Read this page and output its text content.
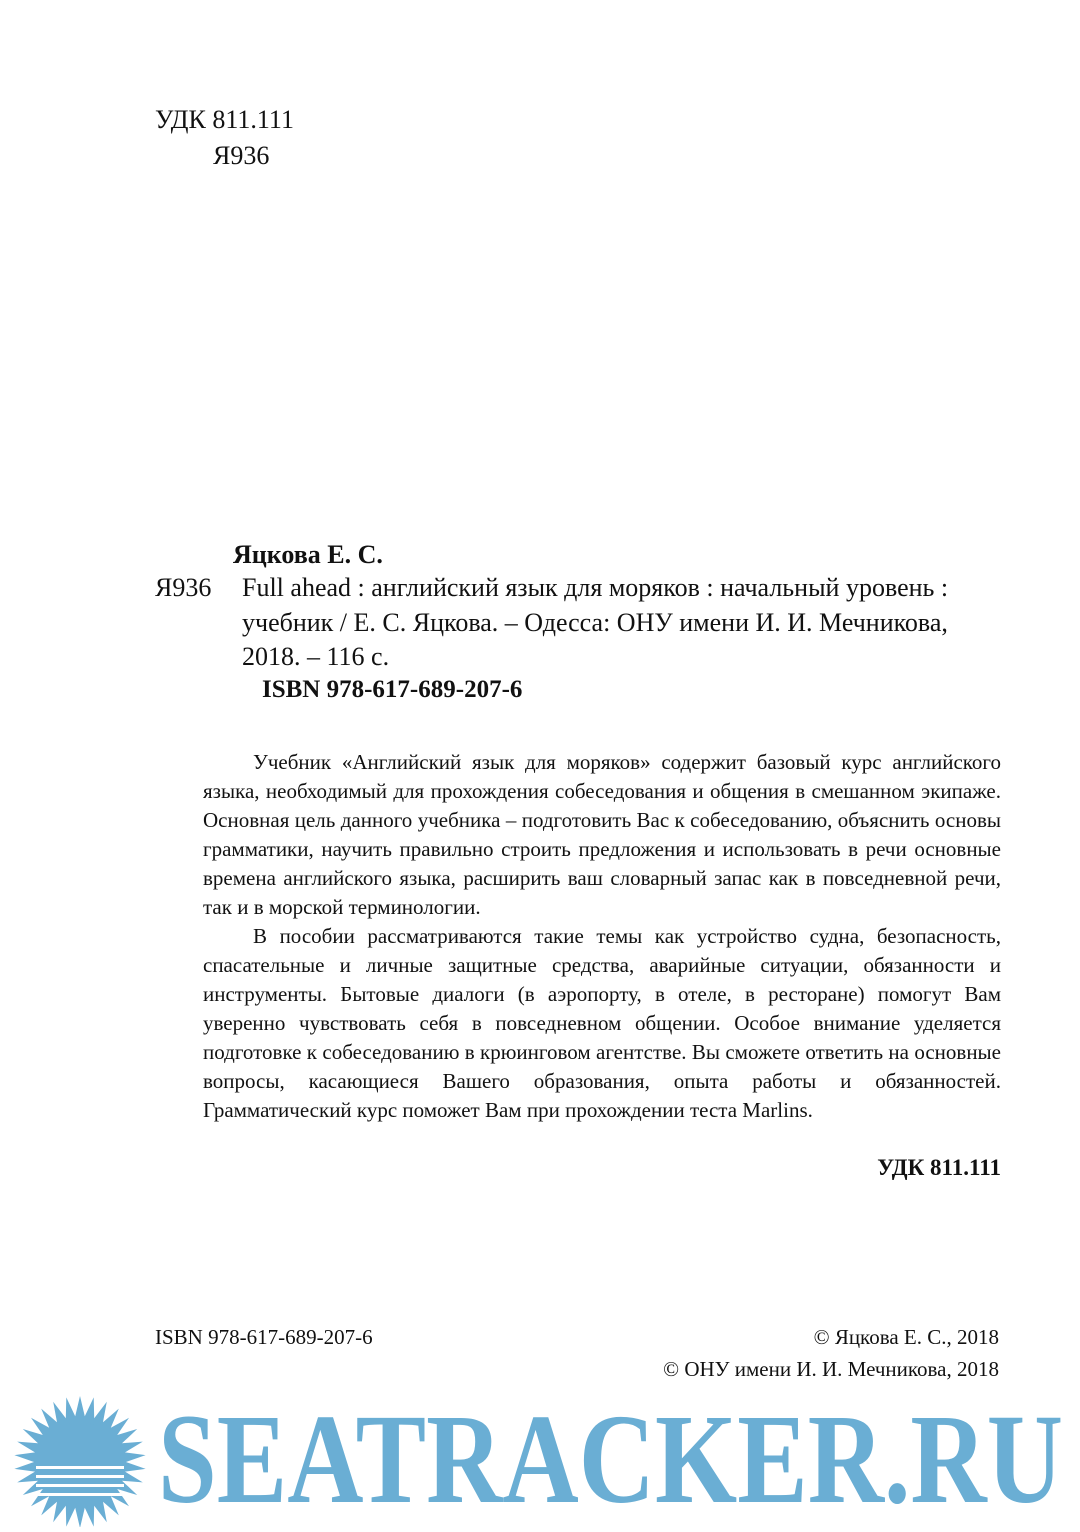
УДК 811.111
Я936
Яцкова Е. С.
Я936 Full ahead : английский язык для моряков : начальный уровень :
учебник / Е. С. Яцкова. – Одесса: ОНУ имени И. И. Мечникова,
2018. – 116 с.
ISBN 978-617-689-207-6

Учебник «Английский язык для моряков» содержит базовый курс английского языка, необходимый для прохождения собеседования и общения в смешанном экипаже. Основная цель данного учебника – подготовить Вас к собеседованию, объяснить основы грамматики, научить правильно строить предложения и использовать в речи основные времена английского языка, расширить ваш словарный запас как в повседневной речи, так и в морской терминологии.

В пособии рассматриваются такие темы как устройство судна, безопасность, спасательные и личные защитные средства, аварийные ситуации, обязанности и инструменты. Бытовые диалоги (в аэропорту, в отеле, в ресторане) помогут Вам уверенно чувствовать себя в повседневном общении. Особое внимание уделяется подготовке к собеседованию в крюинговом агентстве. Вы сможете ответить на основные вопросы, касающиеся Вашего образования, опыта работы и обязанностей. Грамматический курс поможет Вам при прохождении теста Marlins.

УДК 811.111
ISBN 978-617-689-207-6	© Яцкова Е. С., 2018
© ОНУ имени И. И. Мечникова, 2018
SEATRACKER.RU
